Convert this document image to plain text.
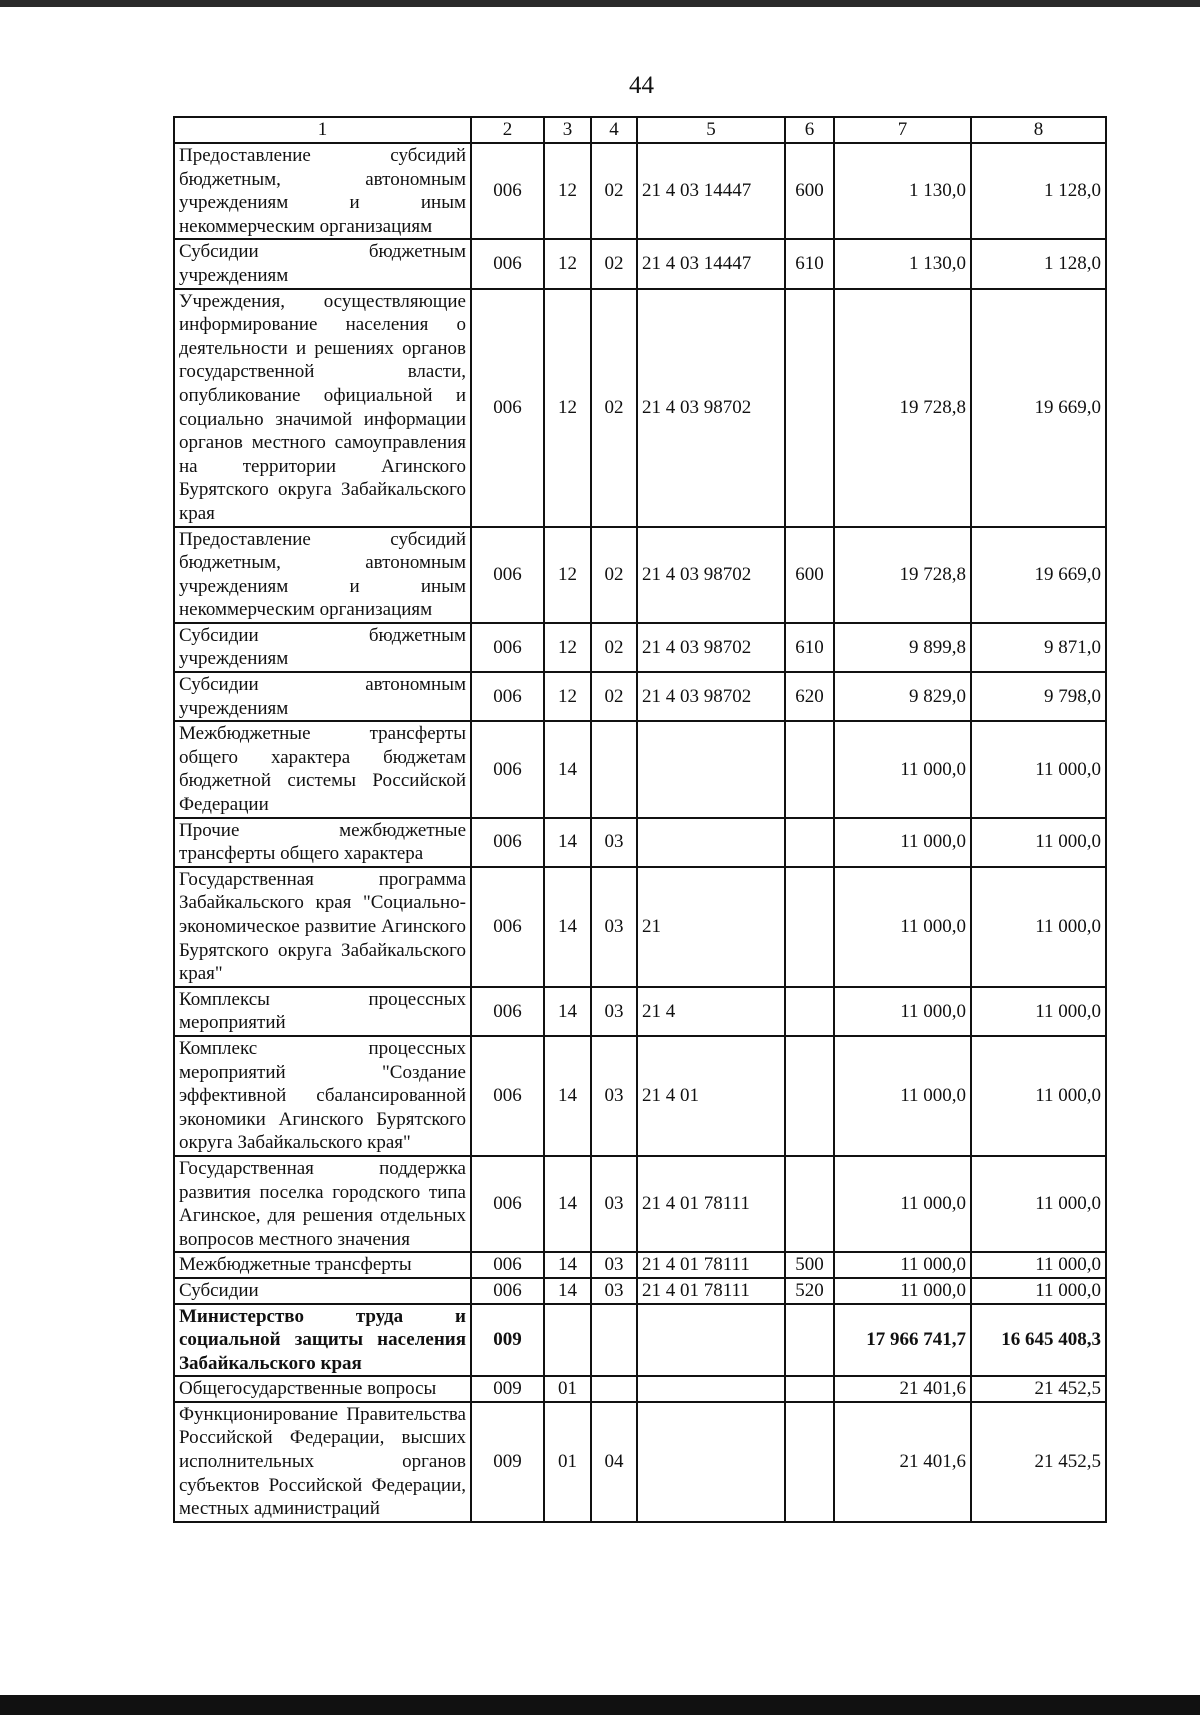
44
1	2	3	4	5	6	7	8
Предоставление субсидий бюджетным, автономным учреждениям и иным некоммерческим организациям	006	12	02	21 4 03 14447	600	1 130,0	1 128,0
Субсидии бюджетным учреждениям	006	12	02	21 4 03 14447	610	1 130,0	1 128,0
Учреждения, осуществляющие информирование населения о деятельности и решениях органов государственной власти, опубликование официальной и социально значимой информации органов местного самоуправления на территории Агинского Бурятского округа Забайкальского края	006	12	02	21 4 03 98702		19 728,8	19 669,0
Предоставление субсидий бюджетным, автономным учреждениям и иным некоммерческим организациям	006	12	02	21 4 03 98702	600	19 728,8	19 669,0
Субсидии бюджетным учреждениям	006	12	02	21 4 03 98702	610	9 899,8	9 871,0
Субсидии автономным учреждениям	006	12	02	21 4 03 98702	620	9 829,0	9 798,0
Межбюджетные трансферты общего характера бюджетам бюджетной системы Российской Федерации	006	14				11 000,0	11 000,0
Прочие межбюджетные трансферты общего характера	006	14	03			11 000,0	11 000,0
Государственная программа Забайкальского края "Социально-экономическое развитие Агинского Бурятского округа Забайкальского края"	006	14	03	21		11 000,0	11 000,0
Комплексы процессных мероприятий	006	14	03	21 4		11 000,0	11 000,0
Комплекс процессных мероприятий "Создание эффективной сбалансированной экономики Агинского Бурятского округа Забайкальского края"	006	14	03	21 4 01		11 000,0	11 000,0
Государственная поддержка развития поселка городского типа Агинское, для решения отдельных вопросов местного значения	006	14	03	21 4 01 78111		11 000,0	11 000,0
Межбюджетные трансферты	006	14	03	21 4 01 78111	500	11 000,0	11 000,0
Субсидии	006	14	03	21 4 01 78111	520	11 000,0	11 000,0
Министерство труда и социальной защиты населения Забайкальского края	009					17 966 741,7	16 645 408,3
Общегосударственные вопросы	009	01				21 401,6	21 452,5
Функционирование Правительства Российской Федерации, высших исполнительных органов субъектов Российской Федерации, местных администраций	009	01	04			21 401,6	21 452,5
